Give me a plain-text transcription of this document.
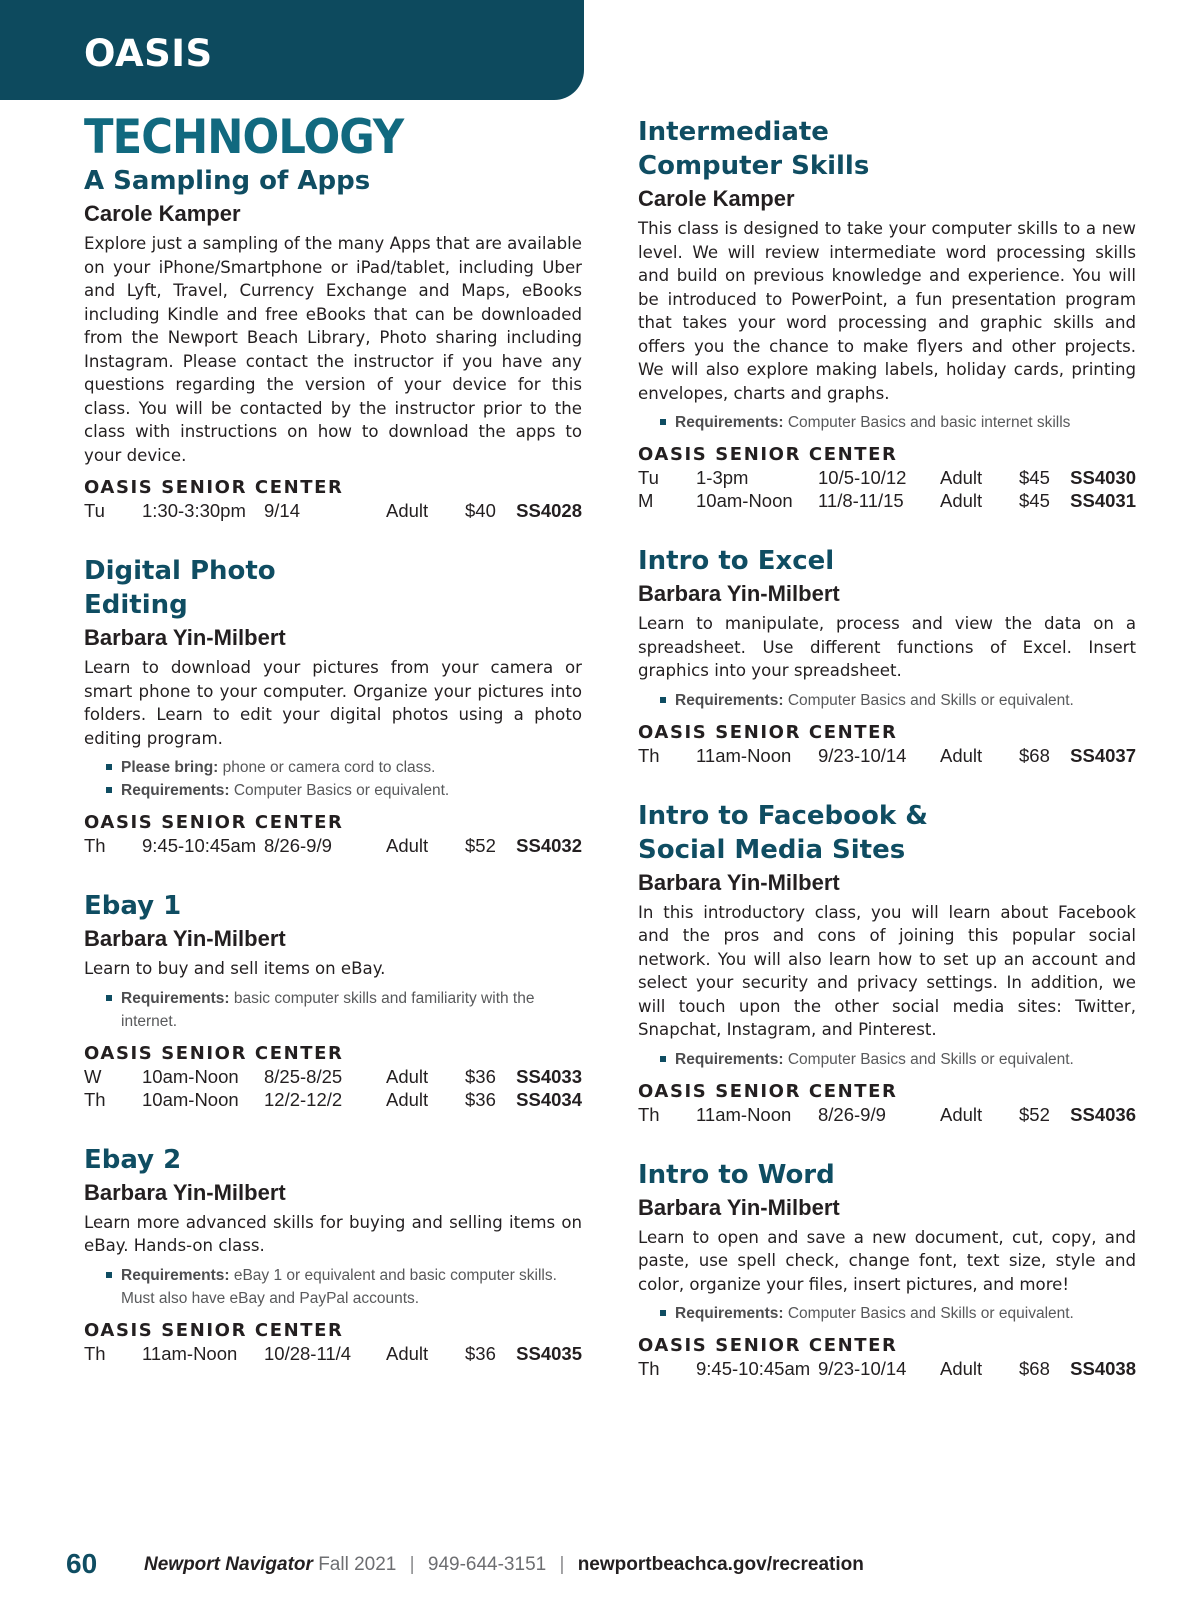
OASIS
TECHNOLOGY
A Sampling of Apps
Carole Kamper
Explore just a sampling of the many Apps that are available on your iPhone/Smartphone or iPad/tablet, including Uber and Lyft, Travel, Currency Exchange and Maps, eBooks including Kindle and free eBooks that can be downloaded from the Newport Beach Library, Photo sharing including Instagram. Please contact the instructor if you have any questions regarding the version of your device for this class. You will be contacted by the instructor prior to the class with instructions on how to download the apps to your device.
OASIS SENIOR CENTER
Tu 1:30-3:30pm 9/14	Adult $40 SS4028
Digital Photo
Editing
Barbara Yin-Milbert
Learn to download your pictures from your camera or smart phone to your computer. Organize your pictures into folders. Learn to edit your digital photos using a photo editing program.
Please bring: phone or camera cord to class.
Requirements: Computer Basics or equivalent.
OASIS SENIOR CENTER
Th 9:45-10:45am 8/26-9/9	Adult $52 SS4032
Ebay 1
Barbara Yin-Milbert
Learn to buy and sell items on eBay.
Requirements: basic computer skills and familiarity with the internet.
OASIS SENIOR CENTER
W 10am-Noon 8/25-8/25 Adult $36 SS4033
Th 10am-Noon 12/2-12/2 Adult $36 SS4034
Ebay 2
Barbara Yin-Milbert
Learn more advanced skills for buying and selling items on eBay. Hands-on class.
Requirements: eBay 1 or equivalent and basic computer skills. Must also have eBay and PayPal accounts.
OASIS SENIOR CENTER
Th 11am-Noon 10/28-11/4 Adult $36 SS4035
Intermediate
Computer Skills
Carole Kamper
This class is designed to take your computer skills to a new level. We will review intermediate word processing skills and build on previous knowledge and experience. You will be introduced to PowerPoint, a fun presentation program that takes your word processing and graphic skills and offers you the chance to make flyers and other projects. We will also explore making labels, holiday cards, printing envelopes, charts and graphs.
Requirements: Computer Basics and basic internet skills
OASIS SENIOR CENTER
Tu 1-3pm	10/5-10/12 Adult $45 SS4030
M 10am-Noon 11/8-11/15 Adult $45 SS4031
Intro to Excel
Barbara Yin-Milbert
Learn to manipulate, process and view the data on a spreadsheet. Use different functions of Excel. Insert graphics into your spreadsheet.
Requirements: Computer Basics and Skills or equivalent.
OASIS SENIOR CENTER
Th 11am-Noon 9/23-10/14 Adult $68 SS4037
Intro to Facebook &
Social Media Sites
Barbara Yin-Milbert
In this introductory class, you will learn about Facebook and the pros and cons of joining this popular social network. You will also learn how to set up an account and select your security and privacy settings. In addition, we will touch upon the other social media sites: Twitter, Snapchat, Instagram, and Pinterest.
Requirements: Computer Basics and Skills or equivalent.
OASIS SENIOR CENTER
Th 11am-Noon 8/26-9/9	Adult $52 SS4036
Intro to Word
Barbara Yin-Milbert
Learn to open and save a new document, cut, copy, and paste, use spell check, change font, text size, style and color, organize your files, insert pictures, and more!
Requirements: Computer Basics and Skills or equivalent.
OASIS SENIOR CENTER
Th 9:45-10:45am 9/23-10/14 Adult $68 SS4038
60 Newport Navigator Fall 2021 | 949-644-3151 | newportbeachca.gov/recreation
